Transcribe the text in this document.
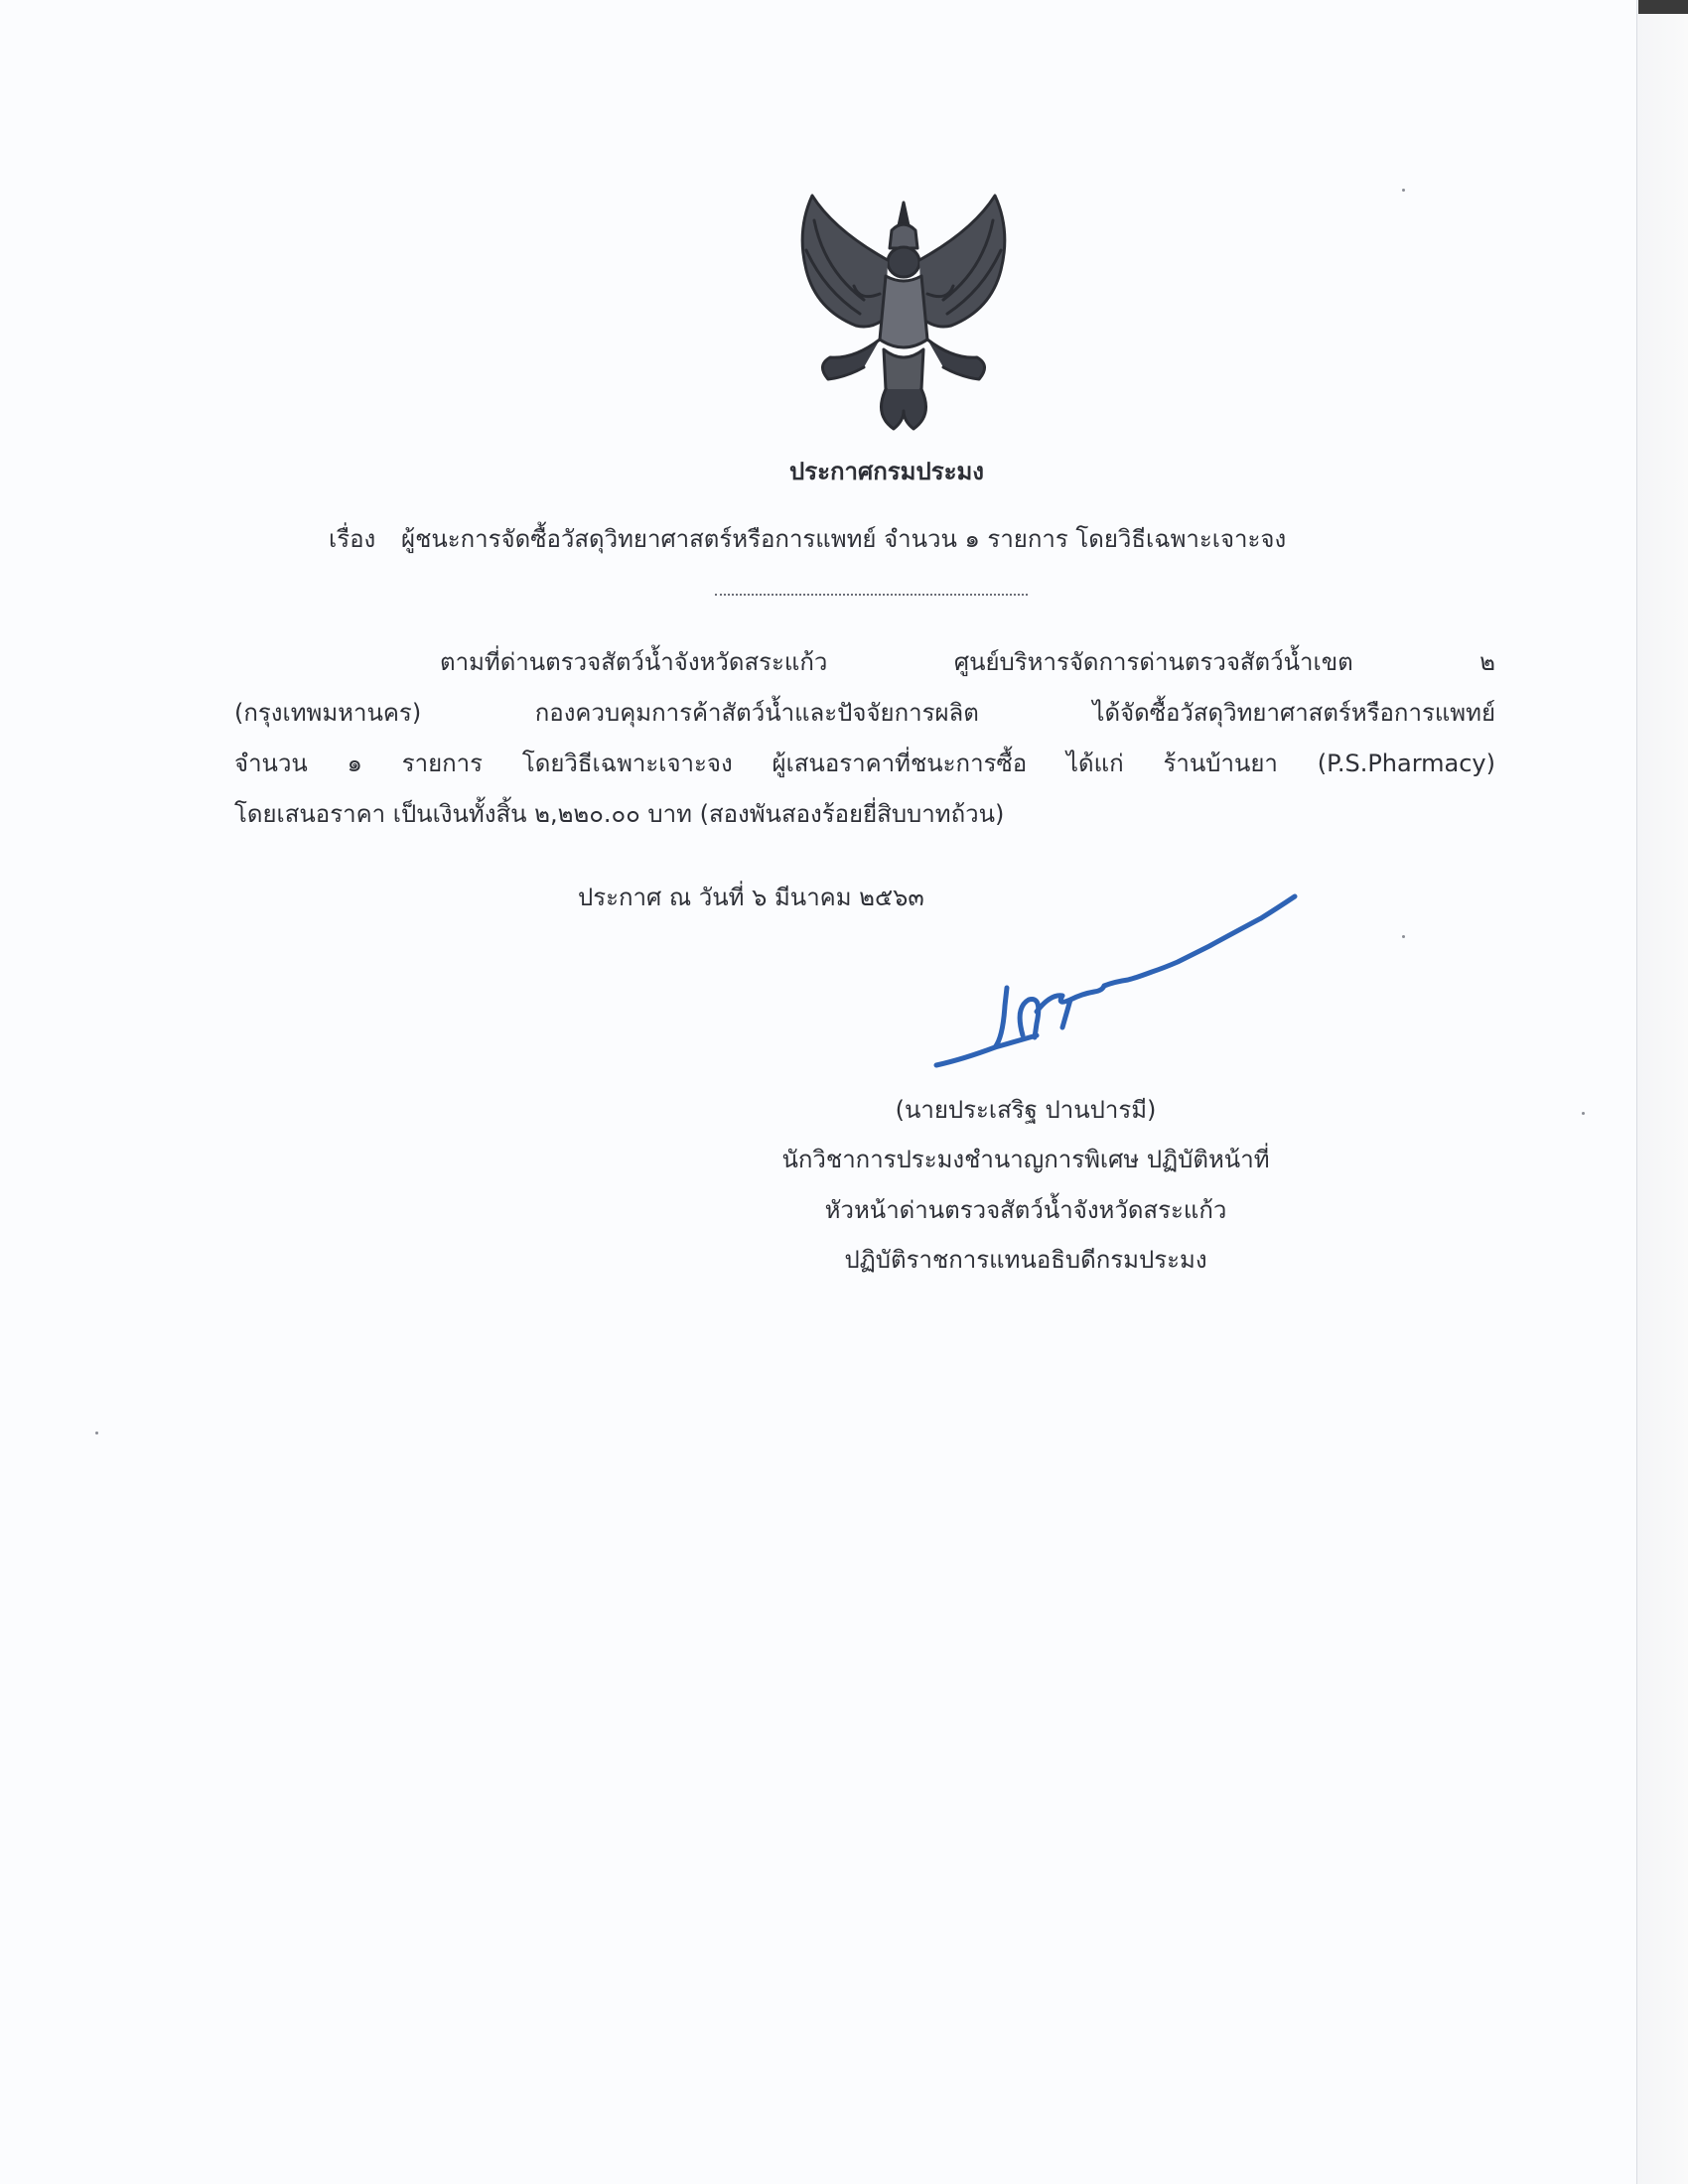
ประกาศกรมประมง
เรื่อง ผู้ชนะการจัดซื้อวัสดุวิทยาศาสตร์หรือการแพทย์ จำนวน ๑ รายการ โดยวิธีเฉพาะเจาะจง
ตามที่ด่านตรวจสัตว์น้ำจังหวัดสระแก้ว ศูนย์บริหารจัดการด่านตรวจสัตว์น้ำเขต ๒
(กรุงเทพมหานคร) กองควบคุมการค้าสัตว์น้ำและปัจจัยการผลิต ได้จัดซื้อวัสดุวิทยาศาสตร์หรือการแพทย์
จำนวน ๑ รายการ โดยวิธีเฉพาะเจาะจง ผู้เสนอราคาที่ชนะการซื้อ ได้แก่ ร้านบ้านยา (P.S.Pharmacy)
โดยเสนอราคา เป็นเงินทั้งสิ้น ๒,๒๒๐.๐๐ บาท (สองพันสองร้อยยี่สิบบาทถ้วน)
ประกาศ ณ วันที่ ๖ มีนาคม ๒๕๖๓
(นายประเสริฐ ปานปารมี)
นักวิชาการประมงชำนาญการพิเศษ ปฏิบัติหน้าที่
หัวหน้าด่านตรวจสัตว์น้ำจังหวัดสระแก้ว
ปฏิบัติราชการแทนอธิบดีกรมประมง
